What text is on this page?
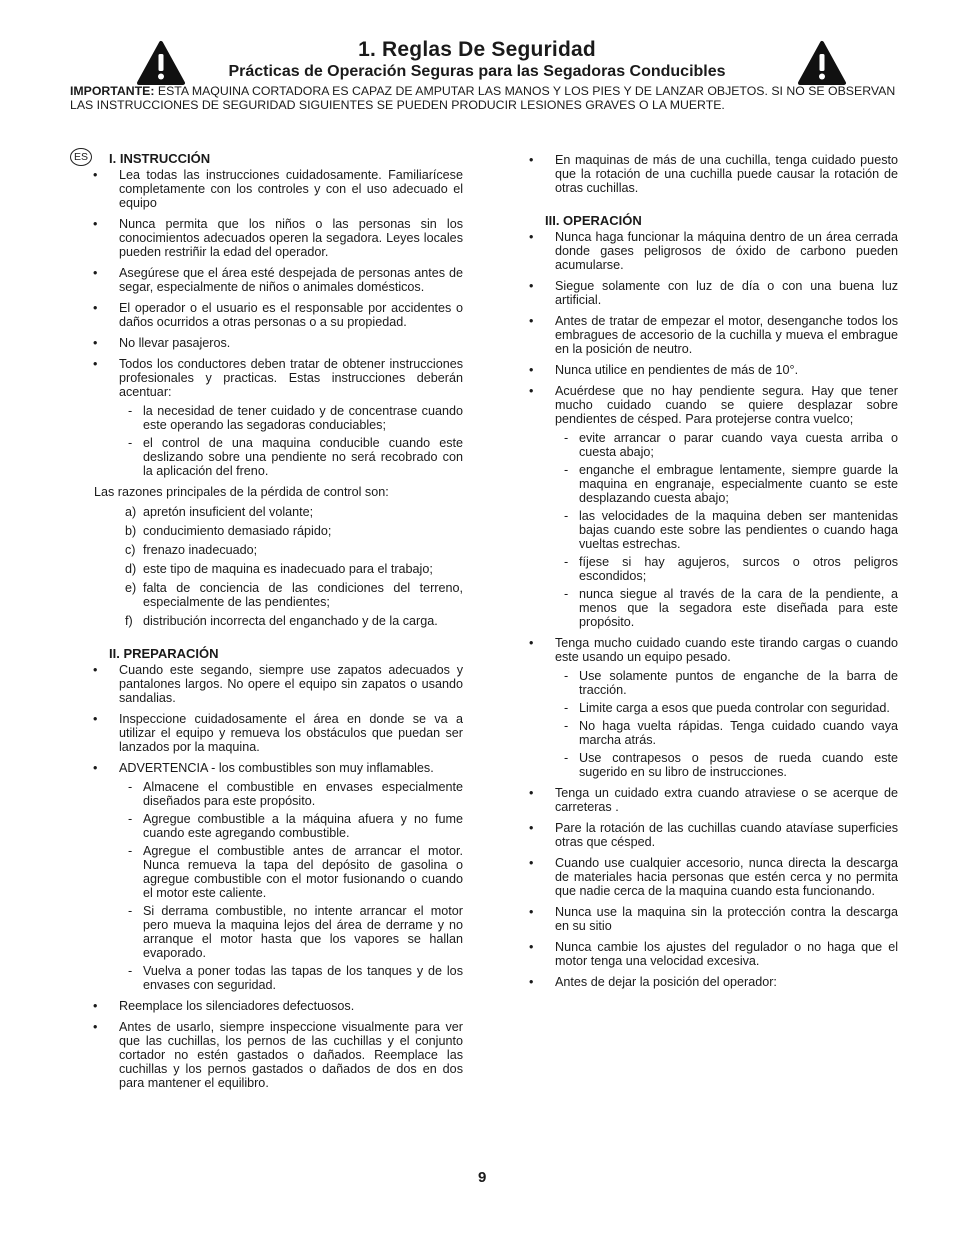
1. Reglas De Seguridad
Prácticas de Operación Seguras para las Segadoras Conducibles
IMPORTANTE: ESTA MAQUINA CORTADORA ES CAPAZ DE AMPUTAR LAS MANOS Y LOS PIES Y DE LANZAR OBJETOS. SI NO SE OBSERVAN LAS INSTRUCCIONES DE SEGURIDAD SIGUIENTES SE PUEDEN PRODUCIR LESIONES GRAVES O LA MUERTE.
ES	I. INSTRUCCIÓN
• Lea todas las instrucciones cuidadosamente. Familiarícese completamente con los controles y con el uso adecuado el equipo
• Nunca permita que los niños o las personas sin los conocimientos adecuados operen la segadora. Leyes locales pueden restriñir la edad del operador.
• Asegúrese que el área esté despejada de personas antes de segar, especialmente de niños o animales domésticos.
• El operador o el usuario es el responsable por accidentes o daños ocurridos a otras personas o a su propiedad.
• No llevar pasajeros.
• Todos los conductores deben tratar de obtener instrucciones profesionales y practicas. Estas instrucciones deberán acentuar:
- la necesidad de tener cuidado y de concentrase cuando este operando las segadoras conduciables;
- el control de una maquina conducible cuando este deslizando sobre una pendiente no será recobrado con la aplicación del freno.

Las razones principales de la pérdida de control son:

a) apretón insuficient del volante;
b) conducimiento demasiado rápido;
c) frenazo inadecuado;
d) este tipo de maquina es inadecuado para el trabajo;
e) falta de conciencia de las condiciones del terreno, especialmente de las pendientes;
f) distribución incorrecta del enganchado y de la carga.
II. PREPARACIÓN
• Cuando este segando, siempre use zapatos adecuados y pantalones largos. No opere el equipo sin zapatos o usando sandalias.
• Inspeccione cuidadosamente el área en donde se va a utilizar el equipo y remueva los obstáculos que puedan ser lanzados por la maquina.
• ADVERTENCIA - los combustibles son muy inflamables.
- Almacene el combustible en envases especialmente diseñados para este propósito.
- Agregue combustible a la máquina afuera y no fume cuando este agregando combustible.
- Agregue el combustible antes de arrancar el motor. Nunca remueva la tapa del depósito de gasolina o agregue combustible con el motor fusionando o cuando el motor este caliente.
- Si derrama combustible, no intente arrancar el motor pero mueva la maquina lejos del área de derrame y no arranque el motor hasta que los vapores se hallan evaporado.
- Vuelva a poner todas las tapas de los tanques y de los envases con seguridad.
• Reemplace los silenciadores defectuosos.
• Antes de usarlo, siempre inspeccione visualmente para ver que las cuchillas, los pernos de las cuchillas y el conjunto cortador no estén gastados o dañados. Reemplace las cuchillas y los pernos gastados o dañados de dos en dos para mantener el equilibro.
• En maquinas de más de una cuchilla, tenga cuidado puesto que la rotación de una cuchilla puede causar la rotación de otras cuchillas.
III. OPERACIÓN
• Nunca haga funcionar la máquina dentro de un área cerrada donde gases peligrosos de óxido de carbono pueden acumularse.
• Siegue solamente con luz de día o con una buena luz artificial.
• Antes de tratar de empezar el motor, desenganche todos los embragues de accesorio de la cuchilla y mueva el embrague en la posición de neutro.
• Nunca utilice en pendientes de más de 10°.
• Acuérdese que no hay pendiente segura. Hay que tener mucho cuidado cuando se quiere desplazar sobre pendientes de césped. Para protejerse contra vuelco;
- evite arrancar o parar cuando vaya cuesta arriba o cuesta abajo;
- enganche el embrague lentamente, siempre guarde la maquina en engranaje, especialmente cuanto se este desplazando cuesta abajo;
- las velocidades de la maquina deben ser mantenidas bajas cuando este sobre las pendientes o cuando haga vueltas estrechas.
- fíjese si hay agujeros, surcos o otros peligros escondidos;
- nunca siegue al través de la cara de la pendiente, a menos que la segadora este diseñada para este propósito.
• Tenga mucho cuidado cuando este tirando cargas o cuando este usando un equipo pesado.
- Use solamente puntos de enganche de la barra de tracción.
- Limite carga a esos que pueda controlar con seguridad.
- No haga vuelta rápidas. Tenga cuidado cuando vaya marcha atrás.
- Use contrapesos o pesos de rueda cuando este sugerido en su libro de instrucciones.
• Tenga un cuidado extra cuando atraviese o se acerque de carreteras .
• Pare la rotación de las cuchillas cuando atavíase superficies otras que césped.
• Cuando use cualquier accesorio, nunca directa la descarga de materiales hacia personas que estén cerca y no permita que nadie cerca de la maquina cuando esta funcionando.
• Nunca use la maquina sin la protección contra la descarga en su sitio
• Nunca cambie los ajustes del regulador o no haga que el motor tenga una velocidad excesiva.
• Antes de dejar la posición del operador:
9
